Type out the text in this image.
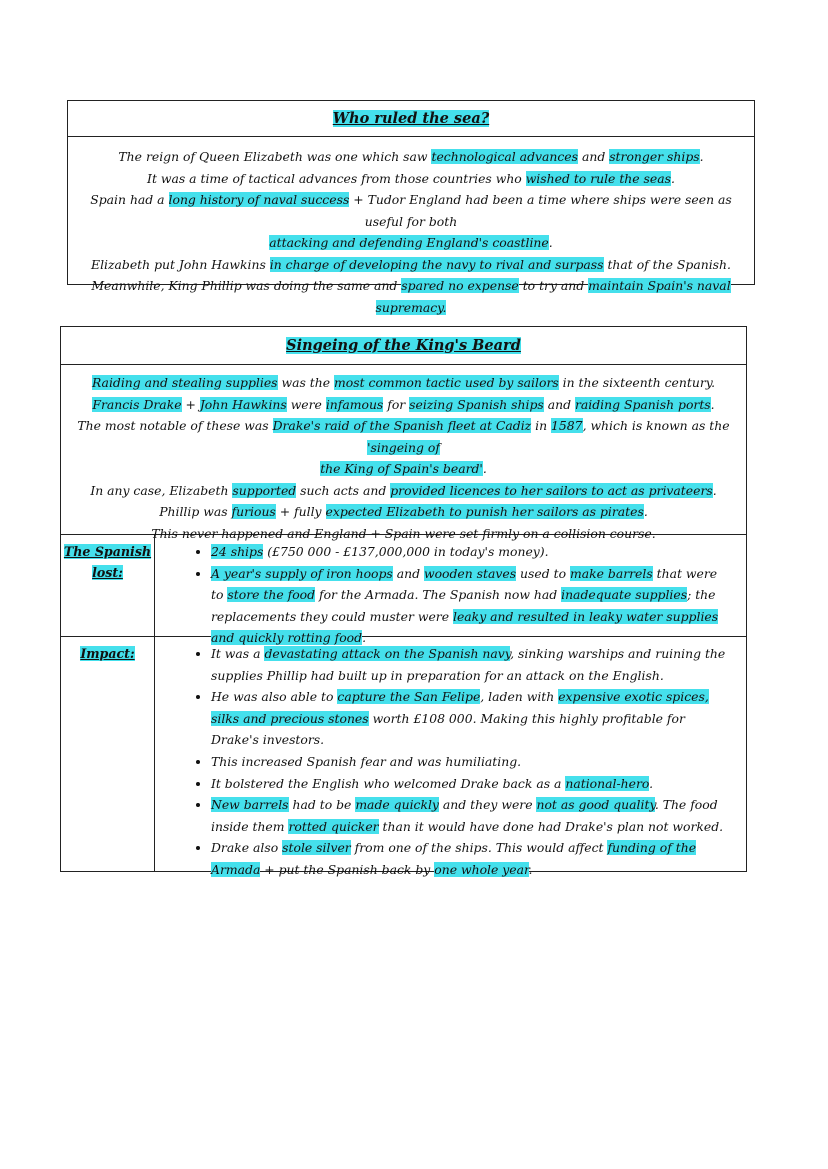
Who ruled the sea?
The reign of Queen Elizabeth was one which saw technological advances and stronger ships.
It was a time of tactical advances from those countries who wished to rule the seas.
Spain had a long history of naval success + Tudor England had been a time where ships were seen as useful for both
attacking and defending England's coastline.
Elizabeth put John Hawkins in charge of developing the navy to rival and surpass that of the Spanish.
Meanwhile, King Phillip was doing the same and spared no expense to try and maintain Spain's naval supremacy.
Singeing of the King's Beard
Raiding and stealing supplies was the most common tactic used by sailors in the sixteenth century.
Francis Drake + John Hawkins were infamous for seizing Spanish ships and raiding Spanish ports.
The most notable of these was Drake's raid of the Spanish fleet at Cadiz in 1587, which is known as the 'singeing of
the King of Spain's beard'.
In any case, Elizabeth supported such acts and provided licences to her sailors to act as privateers.
Phillip was furious + fully expected Elizabeth to punish her sailors as pirates.
This never happened and England + Spain were set firmly on a collision course.
The Spanish
lost:
• 24 ships (£750 000 - £137,000,000 in today's money).
• A year's supply of iron hoops and wooden staves used to make barrels that were to store the food for the Armada. The Spanish now had inadequate supplies; the replacements they could muster were leaky and resulted in leaky water supplies and quickly rotting food.
Impact:
•	It was a devastating attack on the Spanish navy, sinking warships and ruining the supplies Phillip had built up in preparation for an attack on the English.
• He was also able to capture the San Felipe, laden with expensive exotic spices, silks and precious stones worth £108 000. Making this highly profitable for Drake's investors.
• This increased Spanish fear and was humiliating.
• It bolstered the English who welcomed Drake back as a national-hero.
• New barrels had to be made quickly and they were not as good quality. The food inside them rotted quicker than it would have done had Drake's plan not worked.
• Drake also stole silver from one of the ships. This would affect funding of the Armada + put the Spanish back by one whole year.
